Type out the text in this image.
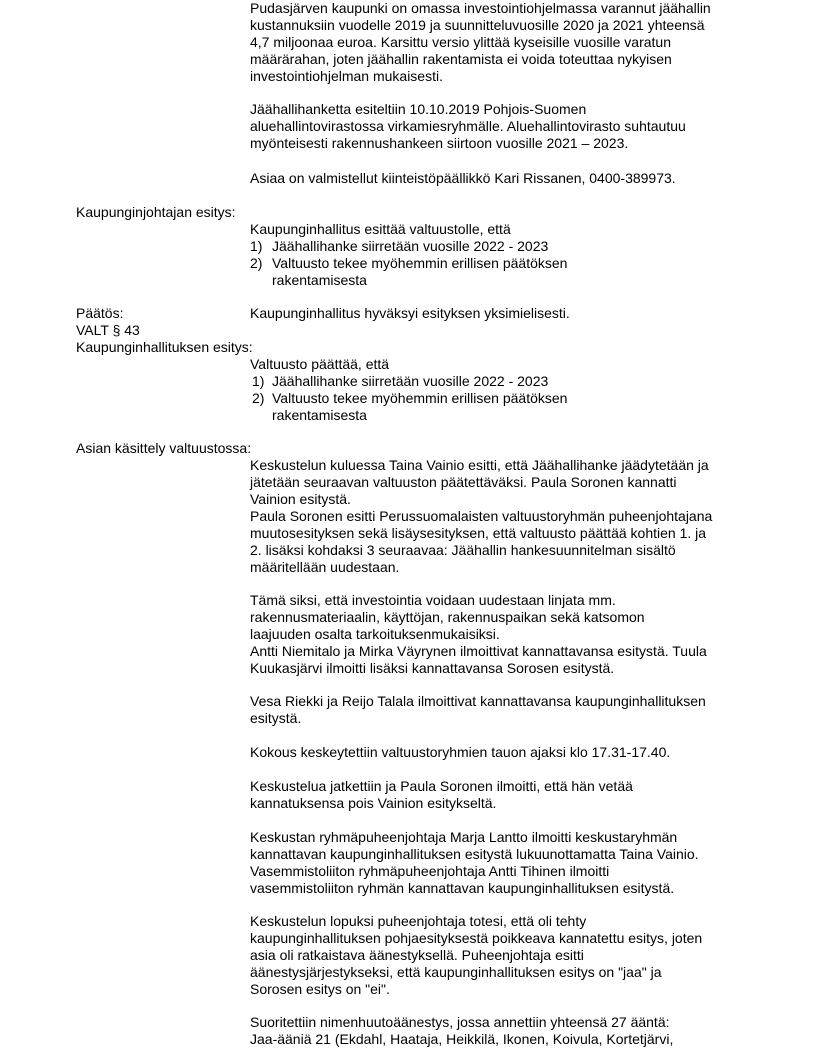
Pudasjärven kaupunki on omassa investointiohjelmassa varannut jäähallin
kustannuksiin vuodelle 2019 ja suunnitteluvuosille 2020 ja 2021 yhteensä
4,7 miljoonaa euroa. Karsittu versio ylittää kyseisille vuosille varatun
määrärahan, joten jäähallin rakentamista ei voida toteuttaa nykyisen
investointiohjelman mukaisesti.
Jäähallihanketta esiteltiin 10.10.2019 Pohjois-Suomen
aluehallintovirastossa virkamiesryhmälle. Aluehallintovirasto suhtautuu
myönteisesti rakennushankeen siirtoon vuosille 2021 – 2023.
Asiaa on valmistellut kiinteistöpäällikkö Kari Rissanen, 0400-389973.
Kaupunginjohtajan esitys:
Kaupunginhallitus esittää valtuustolle, että
1) Jäähallihanke siirretään vuosille 2022 - 2023
2) Valtuusto tekee myöhemmin erillisen päätöksen
rakentamisesta
Päätös:	Kaupunginhallitus hyväksyi esityksen yksimielisesti.
VALT § 43
Kaupunginhallituksen esitys:
Valtuusto päättää, että
1) Jäähallihanke siirretään vuosille 2022 - 2023
2) Valtuusto tekee myöhemmin erillisen päätöksen
rakentamisesta
Asian käsittely valtuustossa:
Keskustelun kuluessa Taina Vainio esitti, että Jäähallihanke jäädytetään ja
jätetään seuraavan valtuuston päätettäväksi. Paula Soronen kannatti
Vainion esitystä.
Paula Soronen esitti Perussuomalaisten valtuustoryhmän puheenjohtajana
muutosesityksen sekä lisäysesityksen, että valtuusto päättää kohtien 1. ja
2. lisäksi kohdaksi 3 seuraavaa: Jäähallin hankesuunnitelman sisältö
määritellään uudestaan.
Tämä siksi, että investointia voidaan uudestaan linjata mm.
rakennusmateriaalin, käyttöjan, rakennuspaikan sekä katsomon
laajuuden osalta tarkoituksenmukaisiksi.
Antti Niemitalo ja Mirka Väyrynen ilmoittivat kannattavansa esitystä. Tuula
Kuukasjärvi ilmoitti lisäksi kannattavansa Sorosen esitystä.
Vesa Riekki ja Reijo Talala ilmoittivat kannattavansa kaupunginhallituksen
esitystä.
Kokous keskeytettiin valtuustoryhmien tauon ajaksi klo 17.31-17.40.
Keskustelua jatkettiin ja Paula Soronen ilmoitti, että hän vetää
kannatuksensa pois Vainion esitykseltä.
Keskustan ryhmäpuheenjohtaja Marja Lantto ilmoitti keskustaryhmän
kannattavan kaupunginhallituksen esitystä lukuunottamatta Taina Vainio.
Vasemmistoliiton ryhmäpuheenjohtaja Antti Tihinen ilmoitti
vasemmistoliiton ryhmän kannattavan kaupunginhallituksen esitystä.
Keskustelun lopuksi puheenjohtaja totesi, että oli tehty
kaupunginhallituksen pohjaesityksestä poikkeava kannatettu esitys, joten
asia oli ratkaistava äänestyksellä. Puheenjohtaja esitti
äänestysjärjestykseksi, että kaupunginhallituksen esitys on "jaa" ja
Sorosen esitys on "ei".
Suoritettiin nimenhuutoäänestys, jossa annettiin yhteensä 27 ääntä:
Jaa-ääniä 21 (Ekdahl, Haataja, Heikkilä, Ikonen, Koivula, Kortetjärvi,
